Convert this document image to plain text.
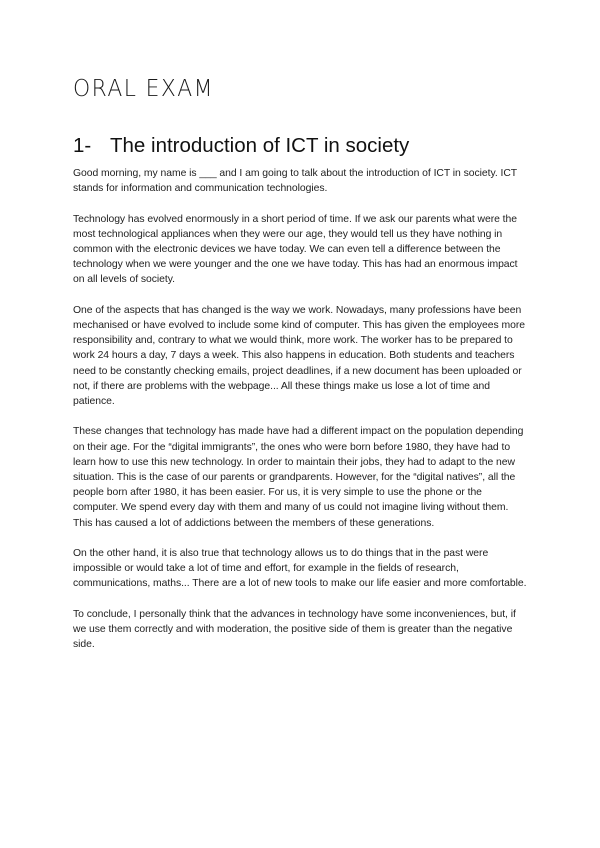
ORAL EXAM
1- The introduction of ICT in society

Good morning, my name is ___ and I am going to talk about the introduction of ICT in society. ICT stands for information and communication technologies.

Technology has evolved enormously in a short period of time. If we ask our parents what were the most technological appliances when they were our age, they would tell us they have nothing in common with the electronic devices we have today. We can even tell a difference between the technology when we were younger and the one we have today. This has had an enormous impact on all levels of society.

One of the aspects that has changed is the way we work. Nowadays, many professions have been mechanised or have evolved to include some kind of computer. This has given the employees more responsibility and, contrary to what we would think, more work. The worker has to be prepared to work 24 hours a day, 7 days a week. This also happens in education. Both students and teachers need to be constantly checking emails, project deadlines, if a new document has been uploaded or not, if there are problems with the webpage... All these things make us lose a lot of time and patience.

These changes that technology has made have had a different impact on the population depending on their age. For the “digital immigrants”, the ones who were born before 1980, they have had to learn how to use this new technology. In order to maintain their jobs, they had to adapt to the new situation. This is the case of our parents or grandparents. However, for the “digital natives”, all the people born after 1980, it has been easier. For us, it is very simple to use the phone or the computer. We spend every day with them and many of us could not imagine living without them. This has caused a lot of addictions between the members of these generations.

On the other hand, it is also true that technology allows us to do things that in the past were impossible or would take a lot of time and effort, for example in the fields of research, communications, maths... There are a lot of new tools to make our life easier and more comfortable.

To conclude, I personally think that the advances in technology have some inconveniences, but, if we use them correctly and with moderation, the positive side of them is greater than the negative side.
